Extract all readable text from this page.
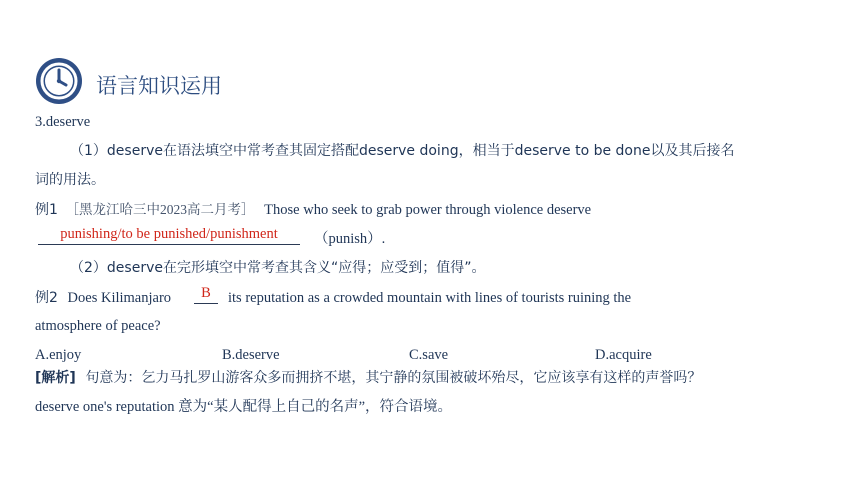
语言知识运用
3.deserve
（1）deserve在语法填空中常考查其固定搭配deserve doing，相当于deserve to be done以及其后接名
词的用法。
例1 ［黑龙江哈三中2023高二月考］ Those who seek to grab power through violence deserve
punishing/to be punished/punishment	（punish）.
（2）deserve在完形填空中常考查其含义“应得；应受到；值得”。
例2 Does Kilimanjaro	B	its reputation as a crowded mountain with lines of tourists ruining the
atmosphere of peace?
A.enjoy	B.deserve	C.save	D.acquire
[解析] 句意为：乞力马扎罗山游客众多而拥挤不堪，其宁静的氛围被破坏殆尽，它应该享有这样的声誉吗？
deserve one's reputation 意为“某人配得上自己的名声”，符合语境。
